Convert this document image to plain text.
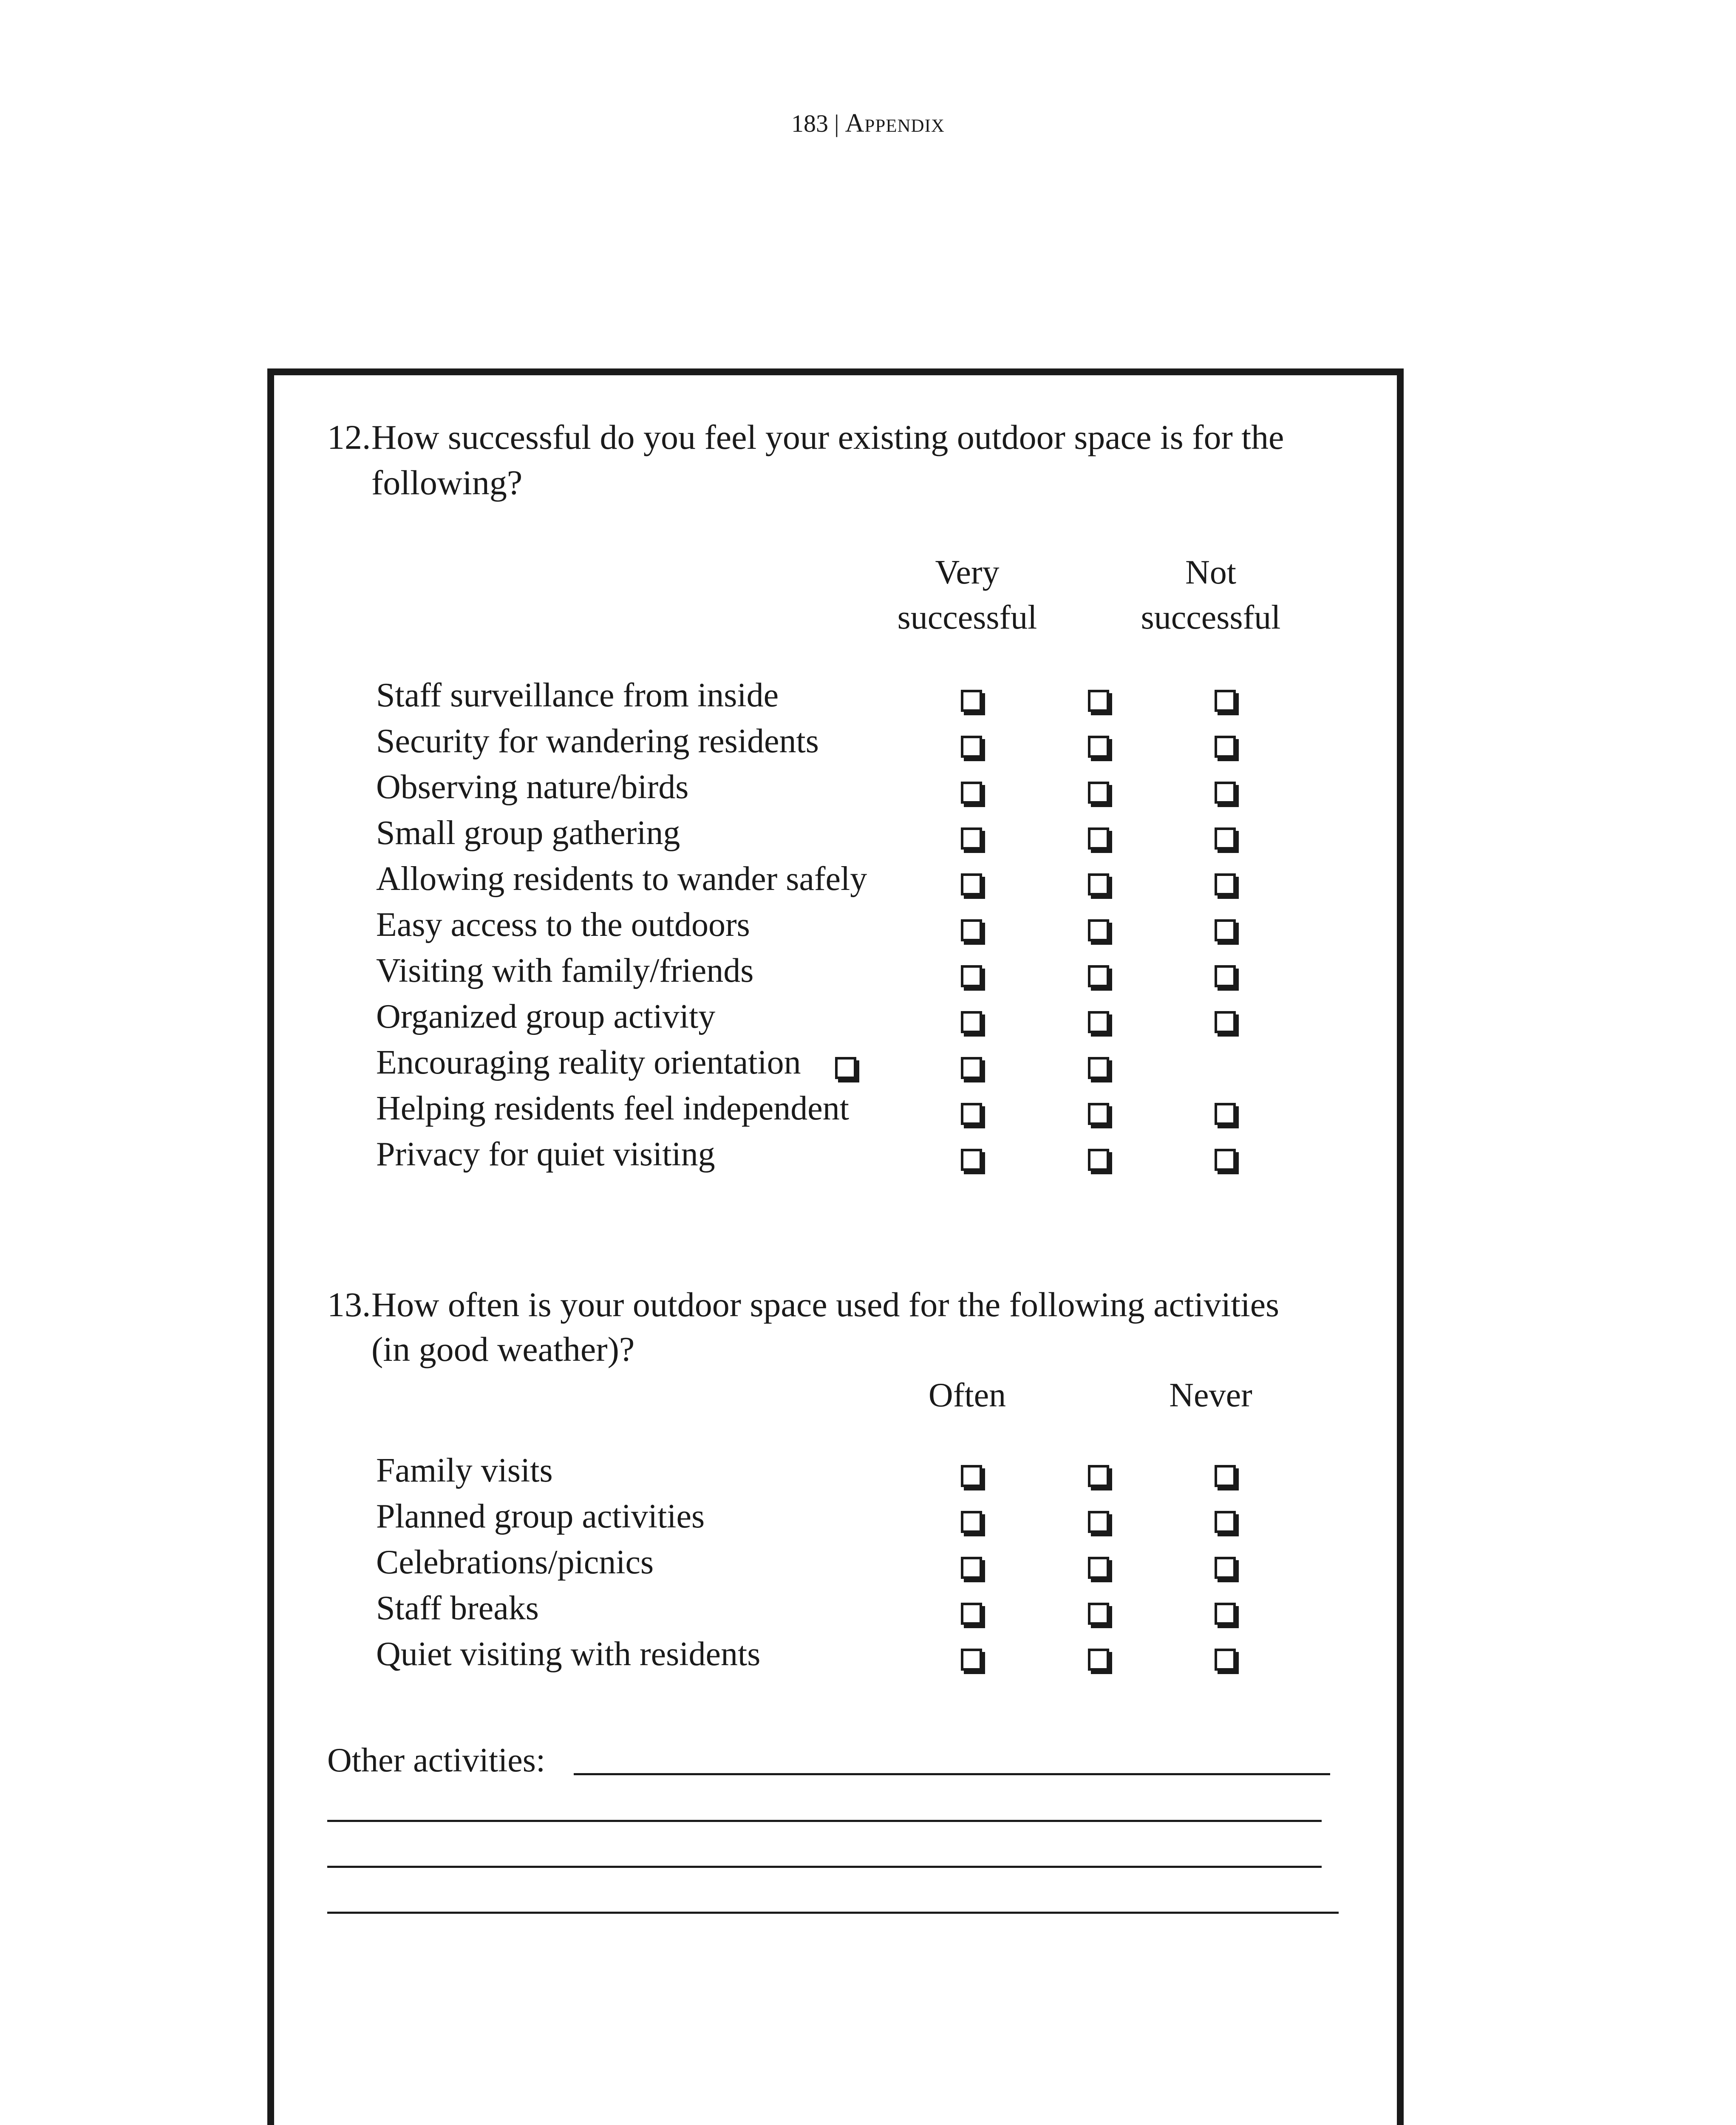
183 | Appendix
12.How successful do you feel your existing outdoor space is for the
following?
Very
successful
Not
successful
Staff surveillance from inside
Security for wandering residents
Observing nature/birds
Small group gathering
Allowing residents to wander safely
Easy access to the outdoors
Visiting with family/friends
Organized group activity
Encouraging reality orientation
Helping residents feel independent
Privacy for quiet visiting
13.How often is your outdoor space used for the following activities
(in good weather)?
Often	Never
Family visits
Planned group activities
Celebrations/picnics
Staff breaks
Quiet visiting with residents
Other activities:
